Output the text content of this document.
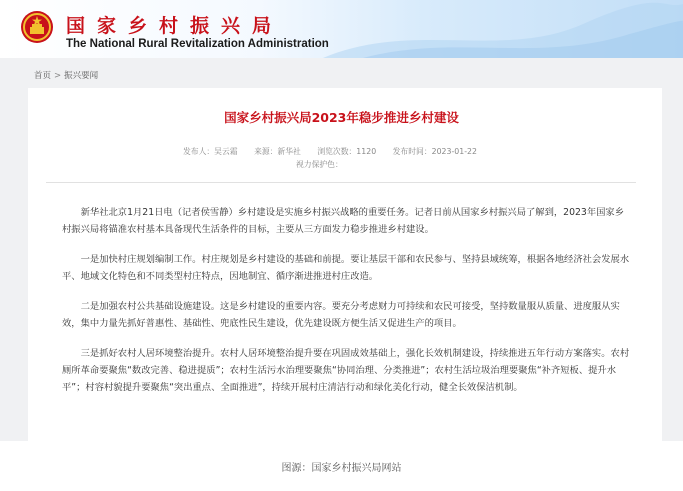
国家乡村振兴局
The National Rural Revitalization Administration
首页 > 振兴要闻
国家乡村振兴局2023年稳步推进乡村建设
发布人：吴云霜 来源：新华社 浏览次数：1120 发布时间：2023-01-22
视力保护色：

新华社北京1月21日电（记者侯雪静）乡村建设是实施乡村振兴战略的重要任务。记者日前从国家乡村振兴局了解到，2023年国家乡村振兴局将锚准农村基本具备现代生活条件的目标，主要从三方面发力稳步推进乡村建设。

一是加快村庄规划编制工作。村庄规划是乡村建设的基础和前提。要让基层干部和农民参与、坚持县域统筹，根据各地经济社会发展水平、地域文化特色和不同类型村庄特点，因地制宜、循序渐进推进村庄改造。

二是加强农村公共基础设施建设。这是乡村建设的重要内容。要充分考虑财力可持续和农民可接受，坚持数量服从质量、进度服从实效，集中力量先抓好普惠性、基础性、兜底性民生建设，优先建设既方便生活又促进生产的项目。

三是抓好农村人居环境整治提升。农村人居环境整治提升要在巩固成效基础上，强化长效机制建设，持续推进五年行动方案落实。农村厕所革命要聚焦“数改完善、稳进提质”；农村生活污水治理要聚焦“协同治理、分类推进”；农村生活垃圾治理要聚焦“补齐短板、提升水平”；村容村貌提升要聚焦“突出重点、全面推进”，持续开展村庄清洁行动和绿化美化行动，健全长效保洁机制。

图源：国家乡村振兴局网站
